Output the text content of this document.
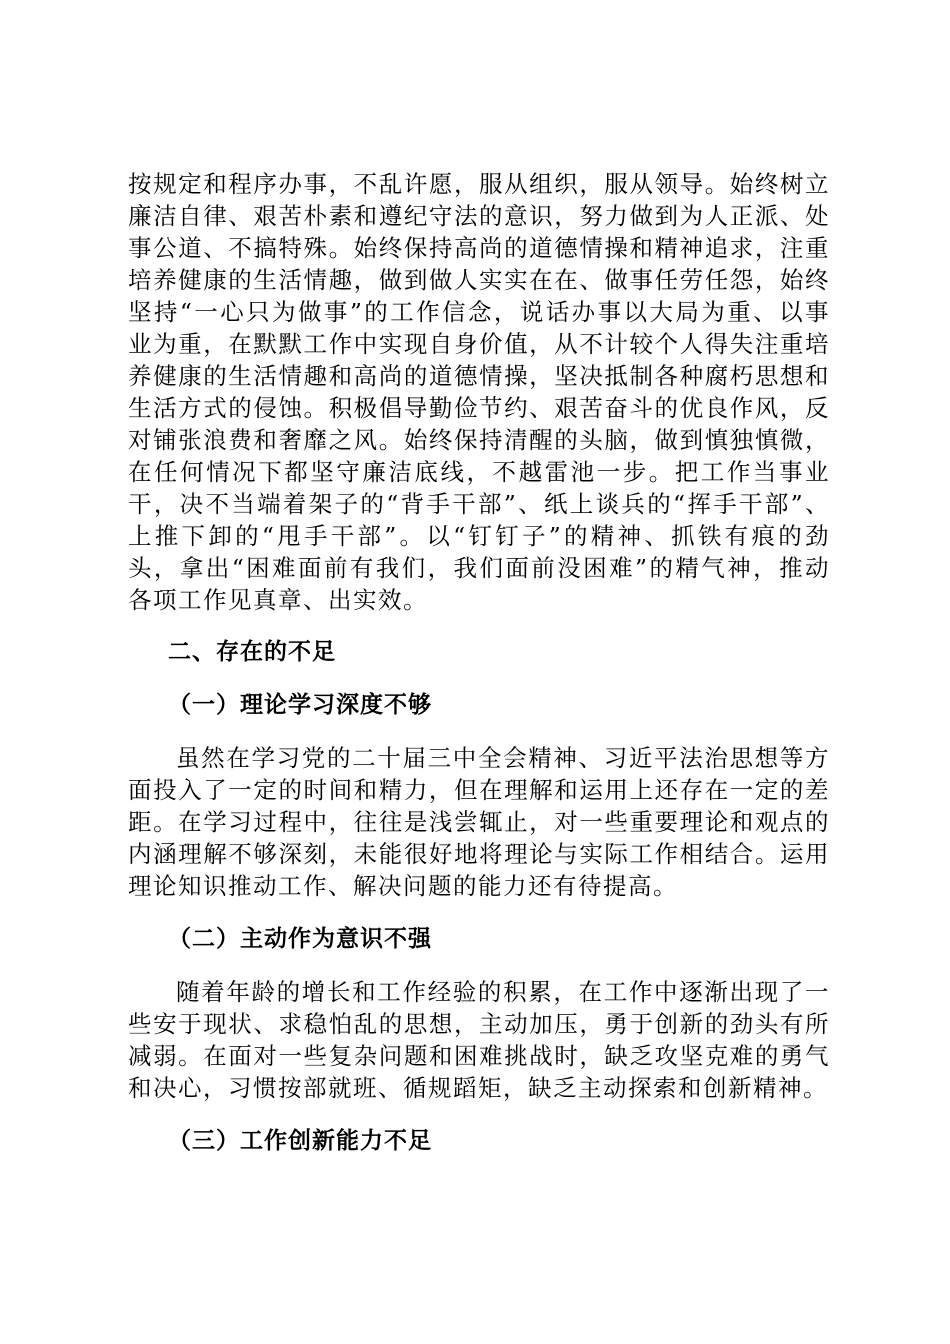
按规定和程序办事，不乱许愿，服从组织，服从领导。始终树立廉洁自律、艰苦朴素和遵纪守法的意识，努力做到为人正派、处事公道、不搞特殊。始终保持高尚的道德情操和精神追求，注重培养健康的生活情趣，做到做人实实在在、做事任劳任怨，始终坚持“一心只为做事”的工作信念，说话办事以大局为重、以事业为重，在默默工作中实现自身价值，从不计较个人得失注重培养健康的生活情趣和高尚的道德情操，坚决抵制各种腐朽思想和生活方式的侵蚀。积极倡导勤俭节约、艰苦奋斗的优良作风，反对铺张浪费和奢靡之风。始终保持清醒的头脑，做到慎独慎微，在任何情况下都坚守廉洁底线，不越雷池一步。把工作当事业干，决不当端着架子的“背手干部”、纸上谈兵的“挥手干部”、上推下卸的“甩手干部”。以“钉钉子”的精神、抓铁有痕的劲头，拿出“困难面前有我们，我们面前没困难”的精气神，推动各项工作见真章、出实效。

二、存在的不足
（一）理论学习深度不够

虽然在学习党的二十届三中全会精神、习近平法治思想等方面投入了一定的时间和精力，但在理解和运用上还存在一定的差距。在学习过程中，往往是浅尝辄止，对一些重要理论和观点的内涵理解不够深刻，未能很好地将理论与实际工作相结合。运用理论知识推动工作、解决问题的能力还有待提高。

（二）主动作为意识不强

随着年龄的增长和工作经验的积累，在工作中逐渐出现了一些安于现状、求稳怕乱的思想，主动加压，勇于创新的劲头有所减弱。在面对一些复杂问题和困难挑战时，缺乏攻坚克难的勇气和决心，习惯按部就班、循规蹈矩，缺乏主动探索和创新精神。

（三）工作创新能力不足
